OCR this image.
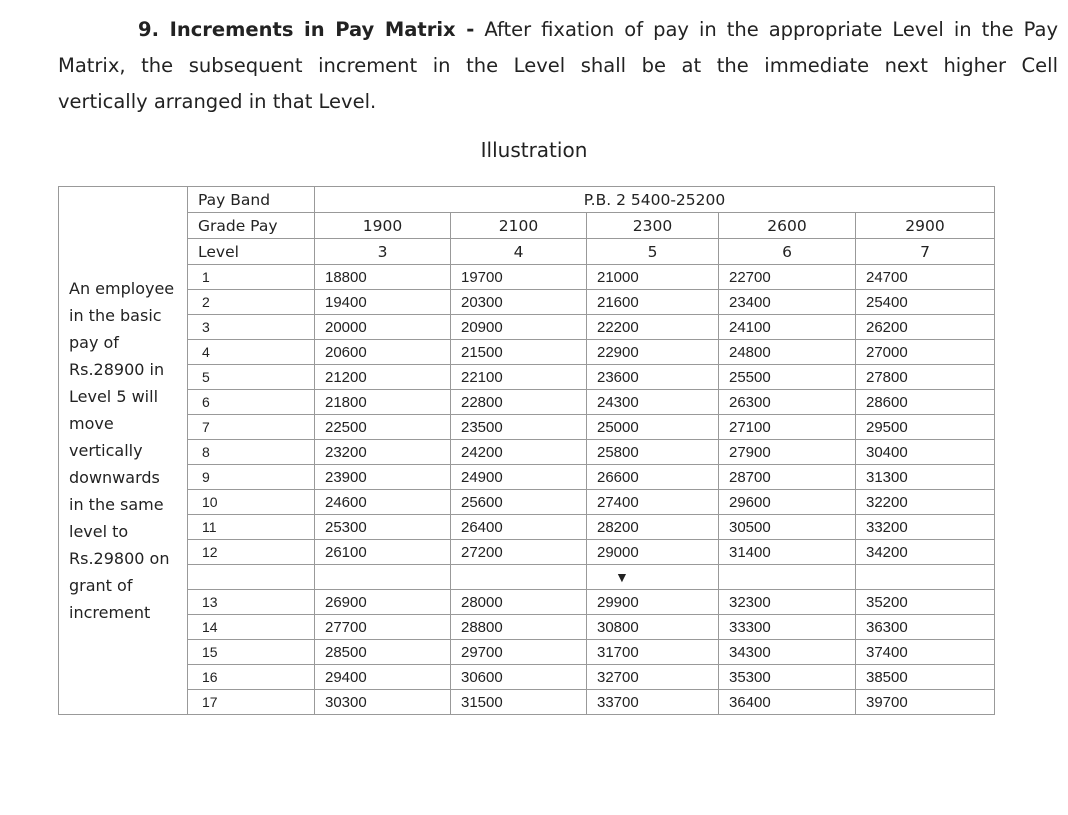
9. Increments in Pay Matrix - After fixation of pay in the appropriate Level in the Pay
Matrix, the subsequent increment in the Level shall be at the immediate next higher Cell
vertically arranged in that Level.
Illustration
An employee in the basic pay of Rs.28900 in Level 5 will move vertically downwards in the same level to Rs.29800 on grant of increment	Pay Band	P.B. 2 5400-25200				
	Grade Pay	1900	2100	2300	2600	2900
	Level	3	4	5	6	7
	1	18800	19700	21000	22700	24700
	2	19400	20300	21600	23400	25400
	3	20000	20900	22200	24100	26200
	4	20600	21500	22900	24800	27000
	5	21200	22100	23600	25500	27800
	6	21800	22800	24300	26300	28600
	7	22500	23500	25000	27100	29500
	8	23200	24200	25800	27900	30400
	9	23900	24900	26600	28700	31300
	10	24600	25600	27400	29600	32200
	11	25300	26400	28200	30500	33200
	12	26100	27200	29000	31400	34200
				▼		
	13	26900	28000	29900	32300	35200
	14	27700	28800	30800	33300	36300
	15	28500	29700	31700	34300	37400
	16	29400	30600	32700	35300	38500
	17	30300	31500	33700	36400	39700
